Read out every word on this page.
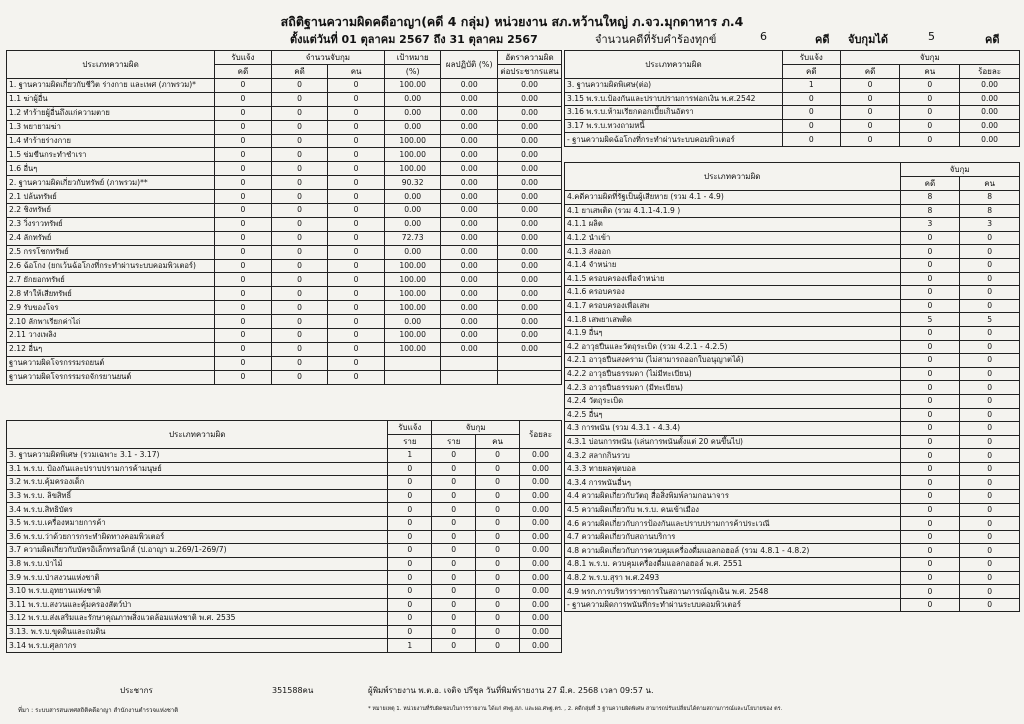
สถิติฐานความผิดคดีอาญา(คดี 4 กลุ่ม) หน่วยงาน สภ.หว้านใหญ่ ภ.จว.มุกดาหาร ภ.4
ตั้งแต่วันที่ 01 ตุลาคม 2567 ถึง 31 ตุลาคม 2567	จำนวนคดีที่รับคำร้องทุกข์	6	คดี จับกุมได้	5	คดี
ประเภทความผิด	รับแจ้ง	จำนวนจับกุม		เป้าหมาย	ผลปฏิบัติ (%)	อัตราความผิด
	คดี	คดี	คน	(%)		ต่อประชากรแสน
1. ฐานความผิดเกี่ยวกับชีวิต ร่างกาย และเพศ (ภาพรวม)*	0	0	0	100.00	0.00	0.00
1.1 ฆ่าผู้อื่น	0	0	0	0.00	0.00	0.00
1.2 ทำร้ายผู้อื่นถึงแก่ความตาย	0	0	0	0.00	0.00	0.00
1.3 พยายามฆ่า	0	0	0	0.00	0.00	0.00
1.4 ทำร้ายร่างกาย	0	0	0	100.00	0.00	0.00
1.5 ข่มขืนกระทำชำเรา	0	0	0	100.00	0.00	0.00
1.6 อื่นๆ	0	0	0	100.00	0.00	0.00
2. ฐานความผิดเกี่ยวกับทรัพย์ (ภาพรวม)**	0	0	0	90.32	0.00	0.00
2.1 ปล้นทรัพย์	0	0	0	0.00	0.00	0.00
2.2 ชิงทรัพย์	0	0	0	0.00	0.00	0.00
2.3 วิ่งราวทรัพย์	0	0	0	0.00	0.00	0.00
2.4 ลักทรัพย์	0	0	0	72.73	0.00	0.00
2.5 กรรโชกทรัพย์	0	0	0	0.00	0.00	0.00
2.6 ฉ้อโกง (ยกเว้นฉ้อโกงที่กระทำผ่านระบบคอมพิวเตอร์)	0	0	0	100.00	0.00	0.00
2.7 ยักยอกทรัพย์	0	0	0	100.00	0.00	0.00
2.8 ทำให้เสียทรัพย์	0	0	0	100.00	0.00	0.00
2.9 รับของโจร	0	0	0	100.00	0.00	0.00
2.10 ลักพาเรียกค่าไถ่	0	0	0	0.00	0.00	0.00
2.11 วางเพลิง	0	0	0	100.00	0.00	0.00
2.12 อื่นๆ	0	0	0	100.00	0.00	0.00
ฐานความผิดโจรกรรมรถยนต์	0	0	0			
ฐานความผิดโจรกรรมรถจักรยานยนต์	0	0	0			
ประเภทความผิด	รับแจ้ง	จับกุม		ร้อยละ
	ราย	ราย	คน	
3. ฐานความผิดพิเศษ (รวมเฉพาะ 3.1 - 3.17)	1	0	0	0.00
3.1 พ.ร.บ. ป้องกันและปราบปรามการค้ามนุษย์	0	0	0	0.00
3.2 พ.ร.บ.คุ้มครองเด็ก	0	0	0	0.00
3.3 พ.ร.บ. ลิขสิทธิ์	0	0	0	0.00
3.4 พ.ร.บ.สิทธิบัตร	0	0	0	0.00
3.5 พ.ร.บ.เครื่องหมายการค้า	0	0	0	0.00
3.6 พ.ร.บ.ว่าด้วยการกระทำผิดทางคอมพิวเตอร์	0	0	0	0.00
3.7 ความผิดเกี่ยวกับบัตรอิเล็กทรอนิกส์ (ป.อาญา ม.269/1-269/7)	0	0	0	0.00
3.8 พ.ร.บ.ป่าไม้	0	0	0	0.00
3.9 พ.ร.บ.ป่าสงวนแห่งชาติ	0	0	0	0.00
3.10 พ.ร.บ.อุทยานแห่งชาติ	0	0	0	0.00
3.11 พ.ร.บ.สงวนและคุ้มครองสัตว์ป่า	0	0	0	0.00
3.12 พ.ร.บ.ส่งเสริมและรักษาคุณภาพสิ่งแวดล้อมแห่งชาติ พ.ศ. 2535	0	0	0	0.00
3.13. พ.ร.บ.ขุดดินและถมดิน	0	0	0	0.00
3.14 พ.ร.บ.ศุลกากร	1	0	0	0.00
ประเภทความผิด	รับแจ้ง	จับกุม		
	คดี	คดี	คน	ร้อยละ
3. ฐานความผิดพิเศษ(ต่อ)	1	0	0	0.00
3.15 พ.ร.บ.ป้องกันและปราบปรามการฟอกเงิน พ.ศ.2542	0	0	0	0.00
3.16 พ.ร.บ.ห้ามเรียกดอกเบี้ยเกินอัตรา	0	0	0	0.00
3.17 พ.ร.บ.ทวงถามหนี้	0	0	0	0.00
- ฐานความผิดฉ้อโกงที่กระทำผ่านระบบคอมพิวเตอร์	0	0	0	0.00
ประเภทความผิด	จับกุม	
	คดี	คน
4.คดีความผิดที่รัฐเป็นผู้เสียหาย (รวม 4.1 - 4.9)	8	8
4.1 ยาเสพติด (รวม 4.1.1-4.1.9 )	8	8
4.1.1 ผลิต	3	3
4.1.2 นำเข้า	0	0
4.1.3 ส่งออก	0	0
4.1.4 จำหน่าย	0	0
4.1.5 ครอบครองเพื่อจำหน่าย	0	0
4.1.6 ครอบครอง	0	0
4.1.7 ครอบครองเพื่อเสพ	0	0
4.1.8 เสพยาเสพติด	5	5
4.1.9 อื่นๆ	0	0
4.2 อาวุธปืนและวัตถุระเบิด (รวม 4.2.1 - 4.2.5)	0	0
4.2.1 อาวุธปืนสงคราม (ไม่สามารถออกใบอนุญาตได้)	0	0
4.2.2 อาวุธปืนธรรมดา (ไม่มีทะเบียน)	0	0
4.2.3 อาวุธปืนธรรมดา (มีทะเบียน)	0	0
4.2.4 วัตถุระเบิด	0	0
4.2.5 อื่นๆ	0	0
4.3 การพนัน (รวม 4.3.1 - 4.3.4)	0	0
4.3.1 บ่อนการพนัน (เล่นการพนันตั้งแต่ 20 คนขึ้นไป)	0	0
4.3.2 สลากกินรวบ	0	0
4.3.3 ทายผลฟุตบอล	0	0
4.3.4 การพนันอื่นๆ	0	0
4.4 ความผิดเกี่ยวกับวัตถุ สื่อสิ่งพิมพ์ลามกอนาจาร	0	0
4.5 ความผิดเกี่ยวกับ พ.ร.บ. คนเข้าเมือง	0	0
4.6 ความผิดเกี่ยวกับการป้องกันและปราบปรามการค้าประเวณี	0	0
4.7 ความผิดเกี่ยวกับสถานบริการ	0	0
4.8 ความผิดเกี่ยวกับการควบคุมเครื่องดื่มแอลกอฮอล์ (รวม 4.8.1 - 4.8.2)	0	0
4.8.1 พ.ร.บ. ควบคุมเครื่องดื่มแอลกอฮอล์ พ.ศ. 2551	0	0
4.8.2 พ.ร.บ.สุรา พ.ศ.2493	0	0
4.9 พรก.การบริหารราชการในสถานการณ์ฉุกเฉิน พ.ศ. 2548	0	0
- ฐานความผิดการพนันที่กระทำผ่านระบบคอมพิวเตอร์	0	0
ประชากร	351588คน	ผู้พิมพ์รายงาน พ.ต.อ. เจติจ ปรีชุล วันที่พิมพ์รายงาน 27 มี.ค. 2568 เวลา 09:57 น.
ที่มา : ระบบสารสนเทศสถิติคดีอาญา สำนักงานตำรวจแห่งชาติ	* หมายเหตุ 1. หน่วยงานที่รับผิดชอบในการรายงาน ได้แก่ ศพฐ.สภ. และผอ.ศพฐ.ตร. , 2. คดีกลุ่มที่ 3 ฐานความผิดพิเศษ สามารถปรับเปลี่ยนได้ตามสถานการณ์และนโยบายของ ตร.
